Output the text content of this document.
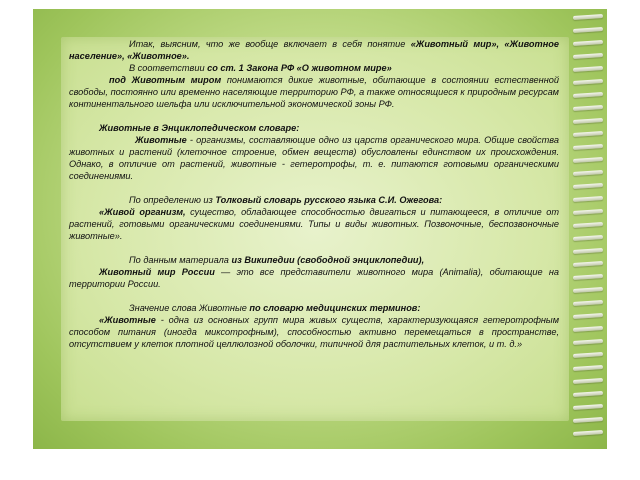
Итак, выясним, что же вообще включает в себя понятие «Животный мир», «Животное население», «Животное».

В соответствии со ст. 1 Закона РФ «О животном мире»

под Животным миром понимаются дикие животные, обитающие в состоянии естественной свободы, постоянно или временно населяющие территорию РФ, а также относящиеся к природным ресурсам континентального шельфа или исключительной экономической зоны РФ.

Животные в Энциклопедическом словаре:

Животные - организмы, составляющие одно из царств органического мира. Общие свойства животных и растений (клеточное строение, обмен веществ) обусловлены единством их происхождения. Однако, в отличие от растений, животные - гетеротрофы, т. е. питаются готовыми органическими соединениями.

По определению из Толковый словарь русского языка С.И. Ожегова:

«Живой организм, существо, обладающее способностью двигаться и питающееся, в отличие от растений, готовыми органическими соединениями. Типы и виды животных. Позвоночные, беспозвоночные животные».

По данным материала из Википедии (свободной энциклопедии),

Животный мир России — это все представители животного мира (Animalia), обитающие на территории России.

Значение слова Животные по словарю медицинских терминов:

«Животные - одна из основных групп мира живых существ, характеризующаяся гетеротрофным способом питания (иногда миксотрофным), способностью активно перемещаться в пространстве, отсутствием у клеток плотной целлюлозной оболочки, типичной для растительных клеток, и т. д.»
